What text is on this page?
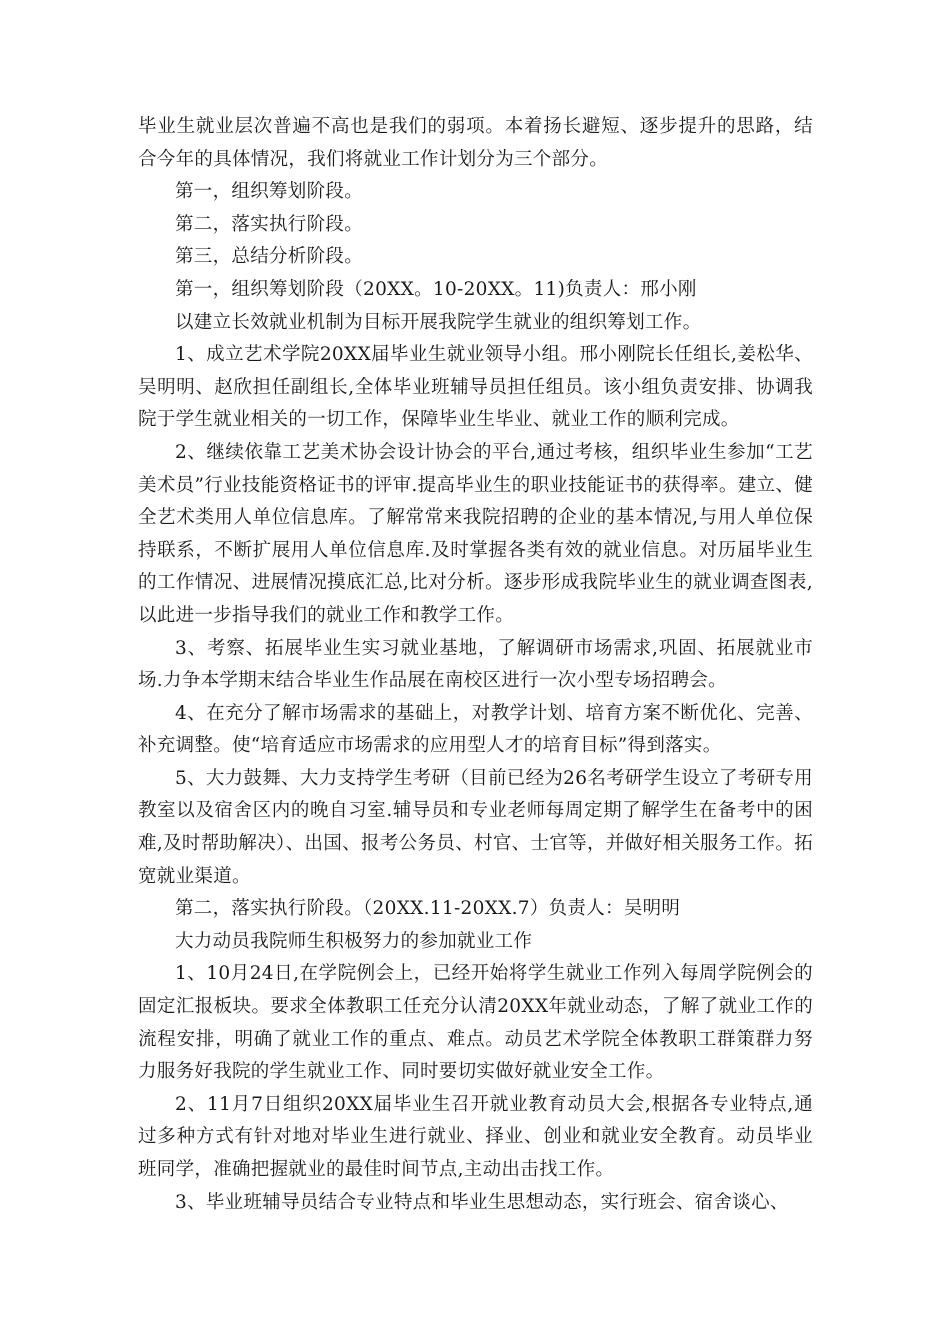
毕业生就业层次普遍不高也是我们的弱项。本着扬长避短、逐步提升的思路，结合今年的具体情况，我们将就业工作计划分为三个部分。

第一，组织筹划阶段。

第二，落实执行阶段。

第三，总结分析阶段。

第一，组织筹划阶段（20XX。10-20XX。11)负责人：邢小刚

以建立长效就业机制为目标开展我院学生就业的组织筹划工作。

1、成立艺术学院20XX届毕业生就业领导小组。邢小刚院长任组长,姜松华、吴明明、赵欣担任副组长,全体毕业班辅导员担任组员。该小组负责安排、协调我院于学生就业相关的一切工作，保障毕业生毕业、就业工作的顺利完成。

2、继续依靠工艺美术协会设计协会的平台,通过考核，组织毕业生参加“工艺美术员”行业技能资格证书的评审.提高毕业生的职业技能证书的获得率。建立、健全艺术类用人单位信息库。了解常常来我院招聘的企业的基本情况,与用人单位保持联系，不断扩展用人单位信息库.及时掌握各类有效的就业信息。对历届毕业生的工作情况、进展情况摸底汇总,比对分析。逐步形成我院毕业生的就业调查图表,以此进一步指导我们的就业工作和教学工作。

3、考察、拓展毕业生实习就业基地，了解调研市场需求,巩固、拓展就业市场.力争本学期末结合毕业生作品展在南校区进行一次小型专场招聘会。

4、在充分了解市场需求的基础上，对教学计划、培育方案不断优化、完善、补充调整。使“培育适应市场需求的应用型人才的培育目标”得到落实。

5、大力鼓舞、大力支持学生考研（目前已经为26名考研学生设立了考研专用教室以及宿舍区内的晚自习室.辅导员和专业老师每周定期了解学生在备考中的困难,及时帮助解决）、出国、报考公务员、村官、士官等，并做好相关服务工作。拓宽就业渠道。

第二，落实执行阶段。（20XX.11-20XX.7）负责人：吴明明

大力动员我院师生积极努力的参加就业工作

1、10月24日,在学院例会上，已经开始将学生就业工作列入每周学院例会的固定汇报板块。要求全体教职工任充分认清20XX年就业动态，了解了就业工作的流程安排，明确了就业工作的重点、难点。动员艺术学院全体教职工群策群力努力服务好我院的学生就业工作、同时要切实做好就业安全工作。

2、11月7日组织20XX届毕业生召开就业教育动员大会,根据各专业特点,通过多种方式有针对地对毕业生进行就业、择业、创业和就业安全教育。动员毕业班同学，准确把握就业的最佳时间节点,主动出击找工作。

3、毕业班辅导员结合专业特点和毕业生思想动态，实行班会、宿舍谈心、
